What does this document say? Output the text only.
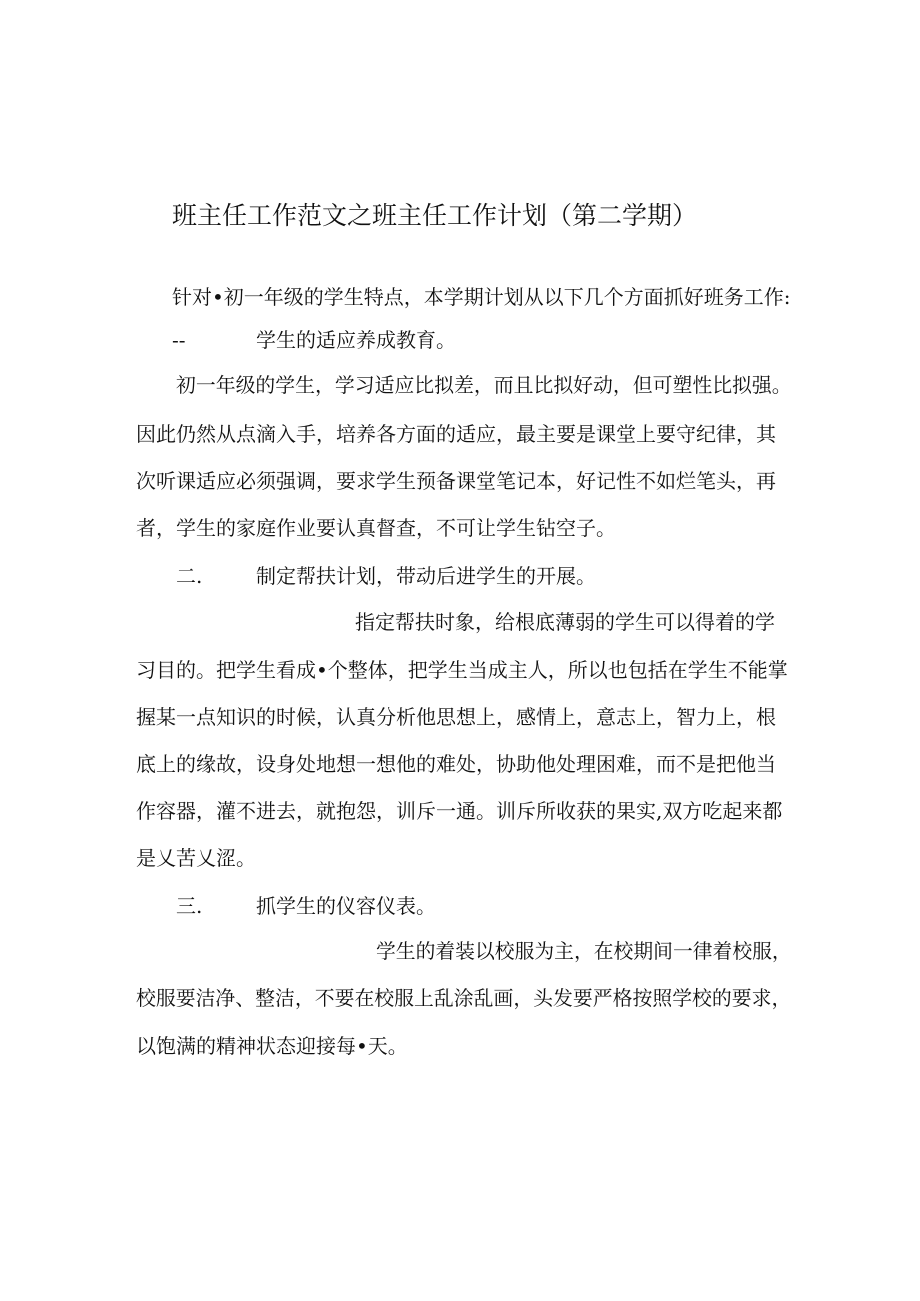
班主任工作范文之班主任工作计划（第二学期）

针对•初一年级的学生特点，本学期计划从以下几个方面抓好班务工作:

--	学生的适应养成教育。

初一年级的学生，学习适应比拟差，而且比拟好动，但可塑性比拟强。

因此仍然从点滴入手，培养各方面的适应，最主要是课堂上要守纪律，其

次听课适应必须强调，要求学生预备课堂笔记本，好记性不如烂笔头，再

者，学生的家庭作业要认真督查，不可让学生钻空子。

二.	制定帮扶计划，带动后进学生的开展。

指定帮扶时象，给根底薄弱的学生可以得着的学

习目的。把学生看成•个整体，把学生当成主人，所以也包括在学生不能掌

握某一点知识的时候，认真分析他思想上，感情上，意志上，智力上，根

底上的缘故，设身处地想一想他的难处，协助他处理困难，而不是把他当

作容器，灌不进去，就抱怨，训斥一通。训斥所收获的果实,双方吃起来都

是乂苦乂涩。

三.	抓学生的仪容仪表。

学生的着装以校服为主，在校期间一律着校服，

校服要洁净、整洁，不要在校服上乱涂乱画，头发要严格按照学校的要求，

以饱满的精神状态迎接每•天。
